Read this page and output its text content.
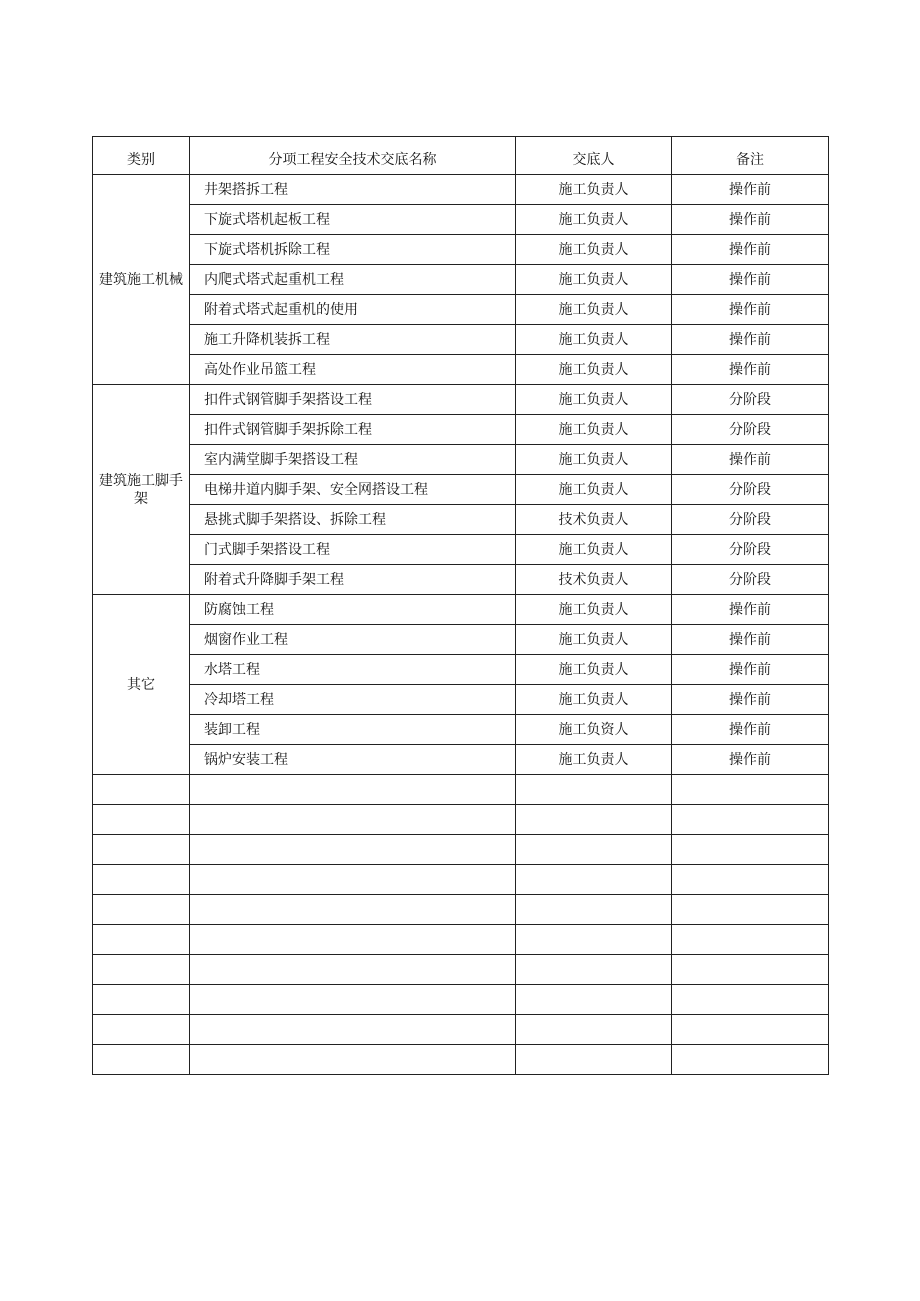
类别	分项工程安全技术交底名称	交底人	备注
建筑施工机械	井架搭拆工程	施工负责人	操作前
	下旋式塔机起板工程	施工负责人	操作前
	下旋式塔机拆除工程	施工负责人	操作前
	内爬式塔式起重机工程	施工负责人	操作前
	附着式塔式起重机的使用	施工负责人	操作前
	施工升降机装拆工程	施工负责人	操作前
	高处作业吊篮工程	施工负责人	操作前
建筑施工脚手架	扣件式钢管脚手架搭设工程	施工负责人	分阶段
	扣件式钢管脚手架拆除工程	施工负责人	分阶段
	室内满堂脚手架搭设工程	施工负责人	操作前
	电梯井道内脚手架、安全网搭设工程	施工负责人	分阶段
	悬挑式脚手架搭设、拆除工程	技术负责人	分阶段
	门式脚手架搭设工程	施工负责人	分阶段
	附着式升降脚手架工程	技术负责人	分阶段
其它	防腐蚀工程	施工负责人	操作前
	烟窗作业工程	施工负责人	操作前
	水塔工程	施工负责人	操作前
	冷却塔工程	施工负责人	操作前
	装卸工程	施工负资人	操作前
	锅炉安装工程	施工负责人	操作前
